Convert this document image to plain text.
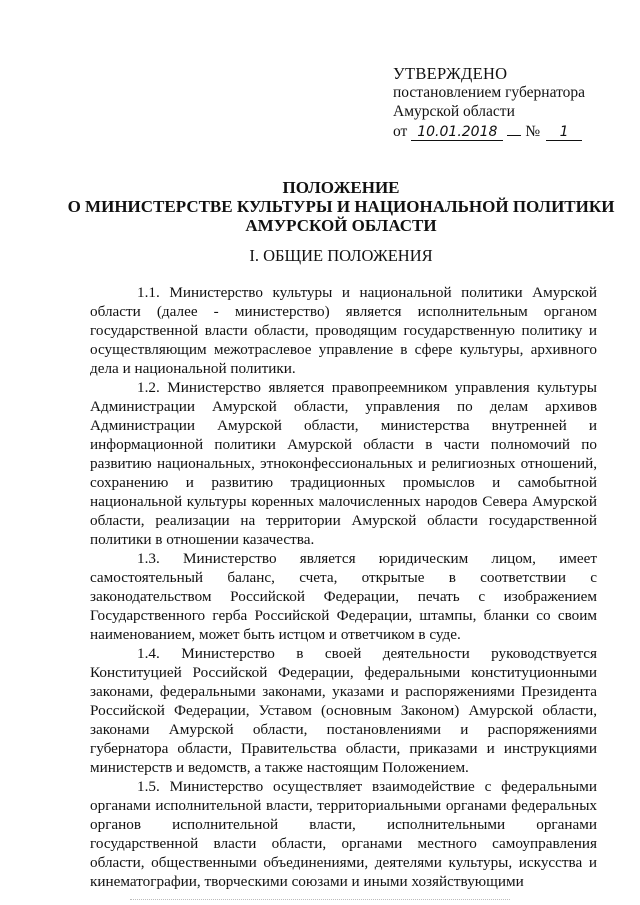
УТВЕРЖДЕНО
постановлением губернатора
Амурской области
от 10.01.2018	№	1
ПОЛОЖЕНИЕ
О МИНИСТЕРСТВЕ КУЛЬТУРЫ И НАЦИОНАЛЬНОЙ ПОЛИТИКИ
АМУРСКОЙ ОБЛАСТИ
I. ОБЩИЕ ПОЛОЖЕНИЯ

1.1. Министерство культуры и национальной политики Амурской области (далее - министерство) является исполнительным органом государственной власти области, проводящим государственную политику и осуществляющим межотраслевое управление в сфере культуры, архивного дела и национальной политики.

1.2. Министерство является правопреемником управления культуры Администрации Амурской области, управления по делам архивов Администрации Амурской области, министерства внутренней и информационной политики Амурской области в части полномочий по развитию национальных, этноконфессиональных и религиозных отношений, сохранению и развитию традиционных промыслов и самобытной национальной культуры коренных малочисленных народов Севера Амурской области, реализации на территории Амурской области государственной политики в отношении казачества.

1.3. Министерство является юридическим лицом, имеет самостоятельный баланс, счета, открытые в соответствии с законодательством Российской Федерации, печать с изображением Государственного герба Российской Федерации, штампы, бланки со своим наименованием, может быть истцом и ответчиком в суде.

1.4. Министерство в своей деятельности руководствуется Конституцией Российской Федерации, федеральными конституционными законами, федеральными законами, указами и распоряжениями Президента Российской Федерации, Уставом (основным Законом) Амурской области, законами Амурской области, постановлениями и распоряжениями губернатора области, Правительства области, приказами и инструкциями министерств и ведомств, а также настоящим Положением.

1.5. Министерство осуществляет взаимодействие с федеральными органами исполнительной власти, территориальными органами федеральных органов исполнительной власти, исполнительными органами государственной власти области, органами местного самоуправления области, общественными объединениями, деятелями культуры, искусства и кинематографии, творческими союзами и иными хозяйствующими
